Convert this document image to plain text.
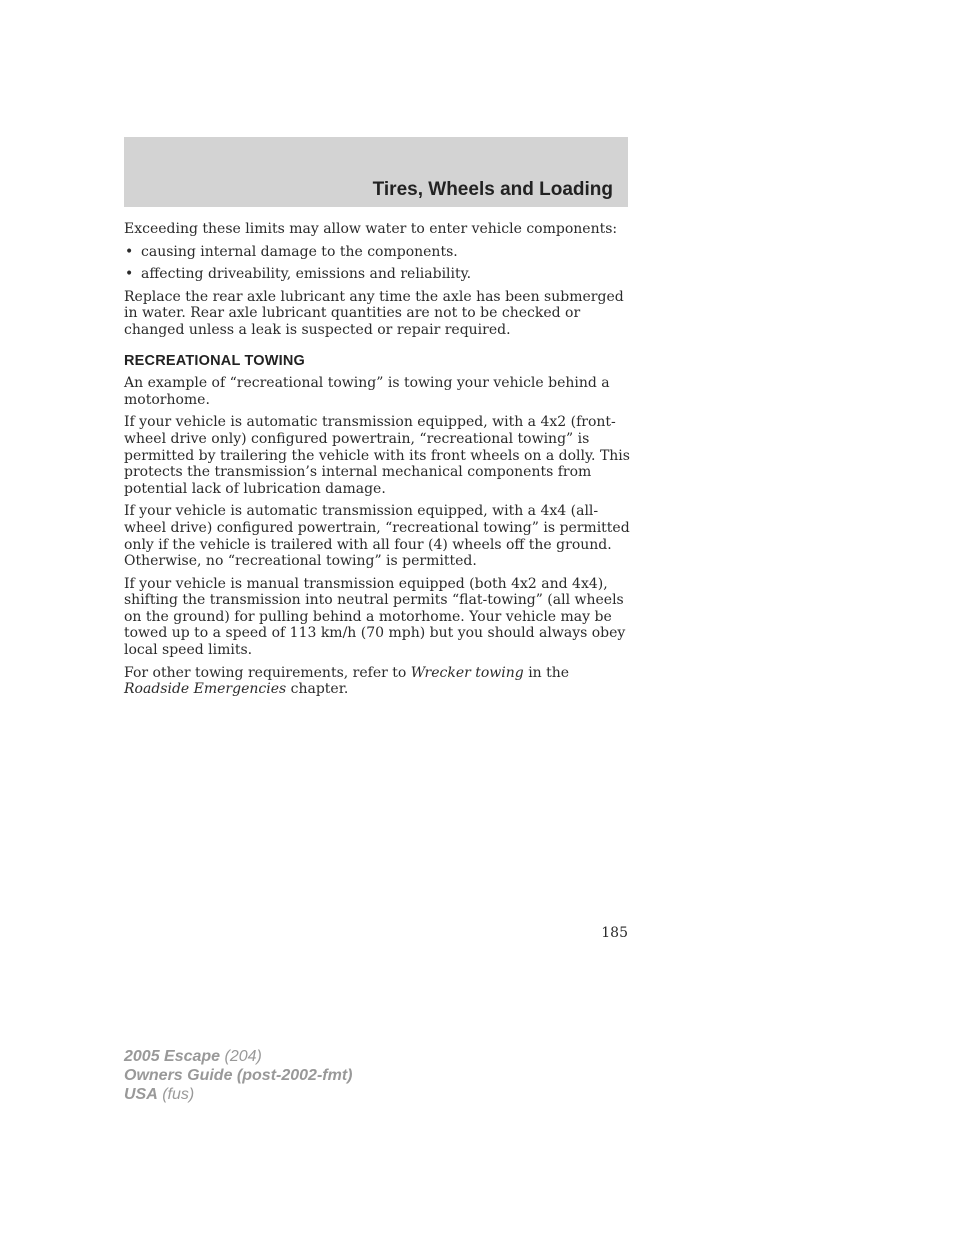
Tires, Wheels and Loading

Exceeding these limits may allow water to enter vehicle components:

• causing internal damage to the components.
• affecting driveability, emissions and reliability.

Replace the rear axle lubricant any time the axle has been submerged in water. Rear axle lubricant quantities are not to be checked or changed unless a leak is suspected or repair required.

RECREATIONAL TOWING

An example of “recreational towing” is towing your vehicle behind a motorhome.

If your vehicle is automatic transmission equipped, with a 4x2 (front-wheel drive only) configured powertrain, “recreational towing” is permitted by trailering the vehicle with its front wheels on a dolly. This protects the transmission’s internal mechanical components from potential lack of lubrication damage.

If your vehicle is automatic transmission equipped, with a 4x4 (all-wheel drive) configured powertrain, “recreational towing” is permitted only if the vehicle is trailered with all four (4) wheels off the ground. Otherwise, no “recreational towing” is permitted.

If your vehicle is manual transmission equipped (both 4x2 and 4x4), shifting the transmission into neutral permits “flat-towing” (all wheels on the ground) for pulling behind a motorhome. Your vehicle may be towed up to a speed of 113 km/h (70 mph) but you should always obey local speed limits.

For other towing requirements, refer to Wrecker towing in the Roadside Emergencies chapter.

185
2005 Escape (204)
Owners Guide (post-2002-fmt)
USA (fus)
